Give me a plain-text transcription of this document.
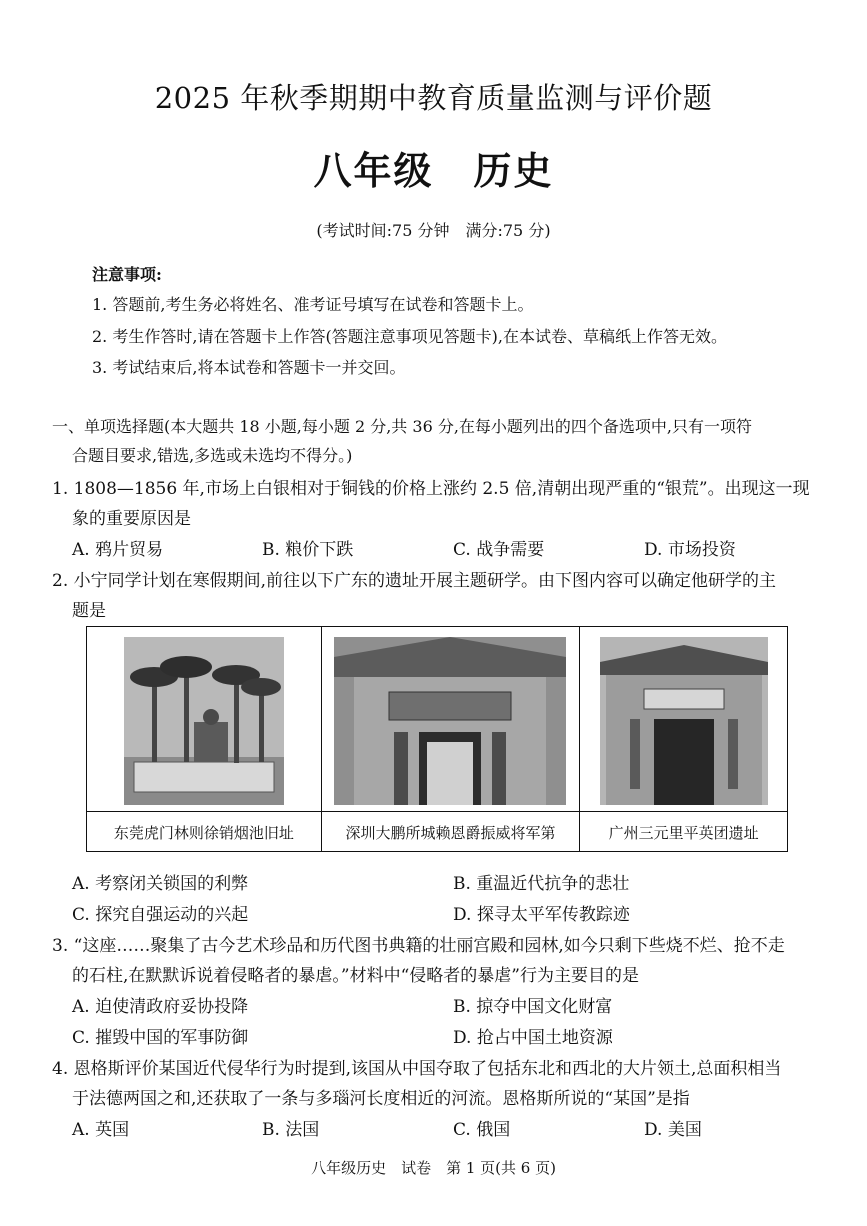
2025 年秋季期期中教育质量监测与评价题
八年级 历史
(考试时间:75 分钟　满分:75 分)
注意事项:
1. 答题前,考生务必将姓名、准考证号填写在试卷和答题卡上。
2. 考生作答时,请在答题卡上作答(答题注意事项见答题卡),在本试卷、草稿纸上作答无效。
3. 考试结束后,将本试卷和答题卡一并交回。
一、单项选择题(本大题共 18 小题,每小题 2 分,共 36 分,在每小题列出的四个备选项中,只有一项符
合题目要求,错选,多选或未选均不得分。)
1. 1808—1856 年,市场上白银相对于铜钱的价格上涨约 2.5 倍,清朝出现严重的“银荒”。出现这一现
象的重要原因是
A. 鸦片贸易	B. 粮价下跌	C. 战争需要	D. 市场投资
2. 小宁同学计划在寒假期间,前往以下广东的遗址开展主题研学。由下图内容可以确定他研学的主
题是
东莞虎门林则徐销烟池旧址	深圳大鹏所城赖恩爵振威将军第	广州三元里平英团遗址
A. 考察闭关锁国的利弊	B. 重温近代抗争的悲壮
C. 探究自强运动的兴起	D. 探寻太平军传教踪迹
3. “这座……聚集了古今艺术珍品和历代图书典籍的壮丽宫殿和园林,如今只剩下些烧不烂、抢不走
的石柱,在默默诉说着侵略者的暴虐。”材料中“侵略者的暴虐”行为主要目的是
A. 迫使清政府妥协投降	B. 掠夺中国文化财富
C. 摧毁中国的军事防御	D. 抢占中国土地资源
4. 恩格斯评价某国近代侵华行为时提到,该国从中国夺取了包括东北和西北的大片领土,总面积相当
于法德两国之和,还获取了一条与多瑙河长度相近的河流。恩格斯所说的“某国”是指
A. 英国	B. 法国	C. 俄国	D. 美国
八年级历史　试卷　第 1 页(共 6 页)
